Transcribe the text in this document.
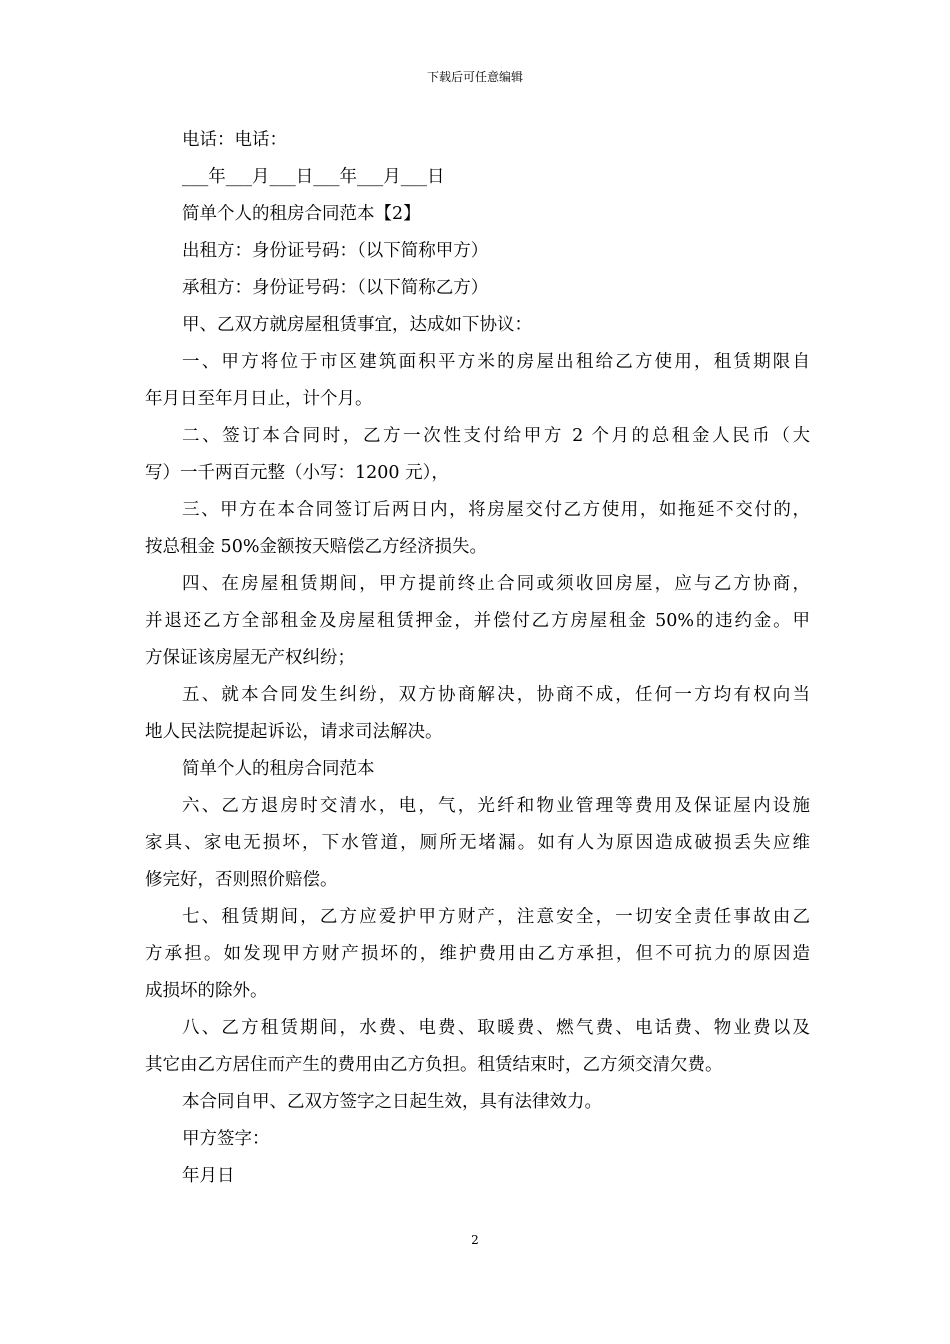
下载后可任意编辑
电话：电话：
___年___月___日___年___月___日
简单个人的租房合同范本【2】
出租方：身份证号码：（以下简称甲方）
承租方：身份证号码：（以下简称乙方）
甲、乙双方就房屋租赁事宜，达成如下协议：
一、甲方将位于市区建筑面积平方米的房屋出租给乙方使用，租赁期限自
年月日至年月日止，计个月。
二、签订本合同时，乙方一次性支付给甲方 2 个月的总租金人民币（大
写）一千两百元整（小写：1200 元），
三、甲方在本合同签订后两日内，将房屋交付乙方使用，如拖延不交付的，
按总租金 50%金额按天赔偿乙方经济损失。
四、在房屋租赁期间，甲方提前终止合同或须收回房屋，应与乙方协商，
并退还乙方全部租金及房屋租赁押金，并偿付乙方房屋租金 50%的违约金。甲
方保证该房屋无产权纠纷；
五、就本合同发生纠纷，双方协商解决，协商不成，任何一方均有权向当
地人民法院提起诉讼，请求司法解决。
简单个人的租房合同范本
六、乙方退房时交清水，电，气，光纤和物业管理等费用及保证屋内设施
家具、家电无损坏，下水管道，厕所无堵漏。如有人为原因造成破损丢失应维
修完好，否则照价赔偿。
七、租赁期间，乙方应爱护甲方财产，注意安全，一切安全责任事故由乙
方承担。如发现甲方财产损坏的，维护费用由乙方承担，但不可抗力的原因造
成损坏的除外。
八、乙方租赁期间，水费、电费、取暖费、燃气费、电话费、物业费以及
其它由乙方居住而产生的费用由乙方负担。租赁结束时，乙方须交清欠费。
本合同自甲、乙双方签字之日起生效，具有法律效力。
甲方签字：
年月日
2
